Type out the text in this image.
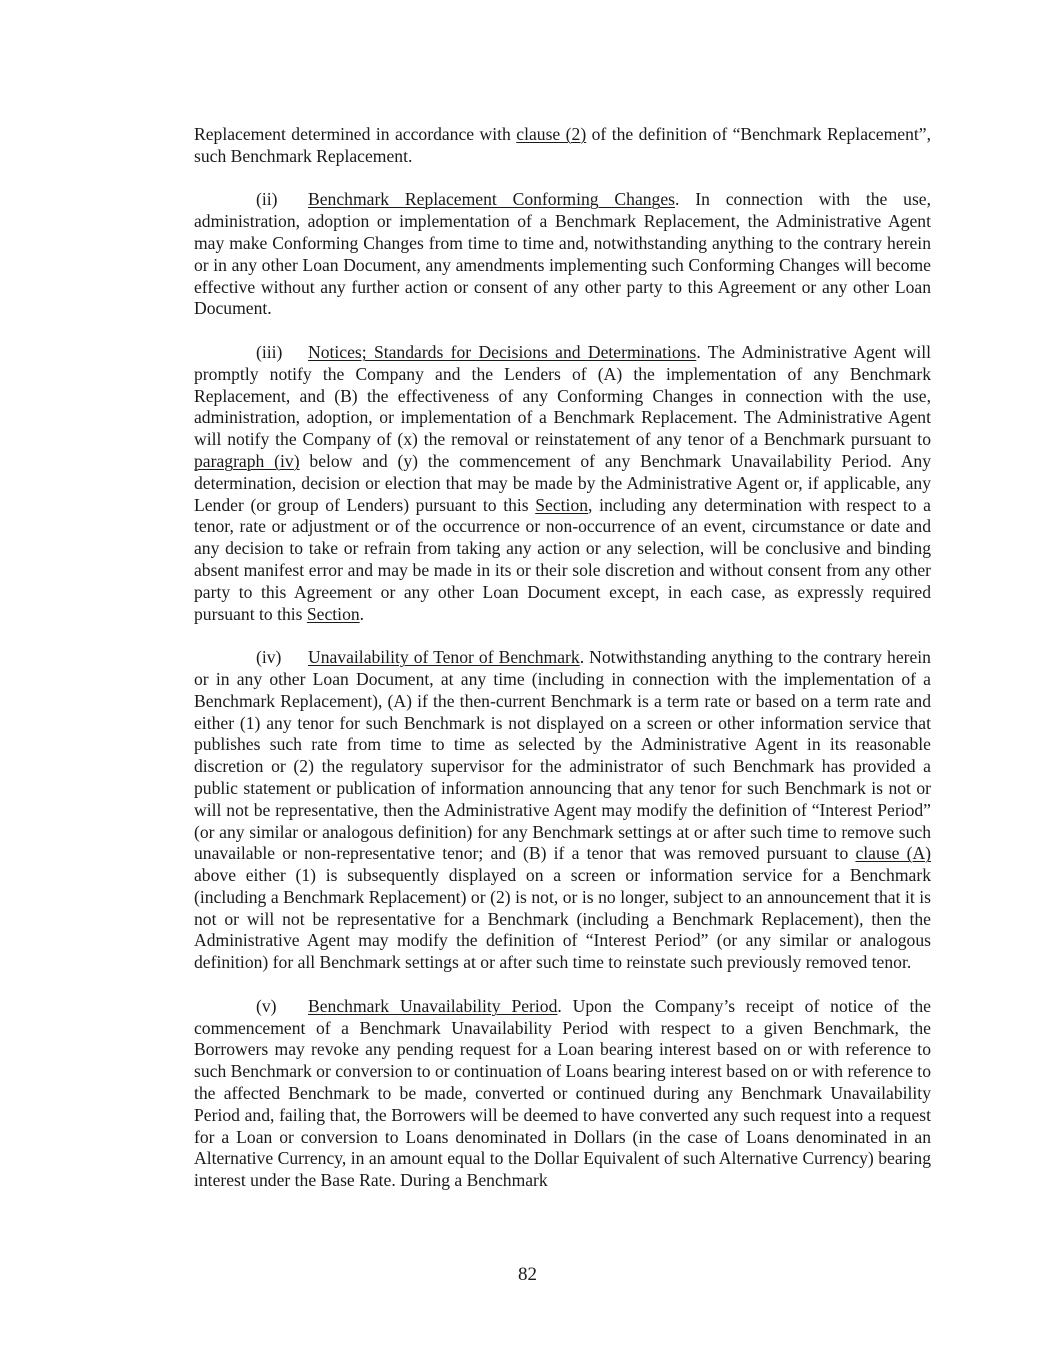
Replacement determined in accordance with clause (2) of the definition of “Benchmark Replacement”, such Benchmark Replacement.

(ii) Benchmark Replacement Conforming Changes. In connection with the use, administration, adoption or implementation of a Benchmark Replacement, the Administrative Agent may make Conforming Changes from time to time and, notwithstanding anything to the contrary herein or in any other Loan Document, any amendments implementing such Conforming Changes will become effective without any further action or consent of any other party to this Agreement or any other Loan Document.

(iii) Notices; Standards for Decisions and Determinations. The Administrative Agent will promptly notify the Company and the Lenders of (A) the implementation of any Benchmark Replacement, and (B) the effectiveness of any Conforming Changes in connection with the use, administration, adoption, or implementation of a Benchmark Replacement. The Administrative Agent will notify the Company of (x) the removal or reinstatement of any tenor of a Benchmark pursuant to paragraph (iv) below and (y) the commencement of any Benchmark Unavailability Period. Any determination, decision or election that may be made by the Administrative Agent or, if applicable, any Lender (or group of Lenders) pursuant to this Section, including any determination with respect to a tenor, rate or adjustment or of the occurrence or non-occurrence of an event, circumstance or date and any decision to take or refrain from taking any action or any selection, will be conclusive and binding absent manifest error and may be made in its or their sole discretion and without consent from any other party to this Agreement or any other Loan Document except, in each case, as expressly required pursuant to this Section.

(iv) Unavailability of Tenor of Benchmark. Notwithstanding anything to the contrary herein or in any other Loan Document, at any time (including in connection with the implementation of a Benchmark Replacement), (A) if the then-current Benchmark is a term rate or based on a term rate and either (1) any tenor for such Benchmark is not displayed on a screen or other information service that publishes such rate from time to time as selected by the Administrative Agent in its reasonable discretion or (2) the regulatory supervisor for the administrator of such Benchmark has provided a public statement or publication of information announcing that any tenor for such Benchmark is not or will not be representative, then the Administrative Agent may modify the definition of “Interest Period” (or any similar or analogous definition) for any Benchmark settings at or after such time to remove such unavailable or non-representative tenor; and (B) if a tenor that was removed pursuant to clause (A) above either (1) is subsequently displayed on a screen or information service for a Benchmark (including a Benchmark Replacement) or (2) is not, or is no longer, subject to an announcement that it is not or will not be representative for a Benchmark (including a Benchmark Replacement), then the Administrative Agent may modify the definition of “Interest Period” (or any similar or analogous definition) for all Benchmark settings at or after such time to reinstate such previously removed tenor.

(v) Benchmark Unavailability Period. Upon the Company’s receipt of notice of the commencement of a Benchmark Unavailability Period with respect to a given Benchmark, the Borrowers may revoke any pending request for a Loan bearing interest based on or with reference to such Benchmark or conversion to or continuation of Loans bearing interest based on or with reference to the affected Benchmark to be made, converted or continued during any Benchmark Unavailability Period and, failing that, the Borrowers will be deemed to have converted any such request into a request for a Loan or conversion to Loans denominated in Dollars (in the case of Loans denominated in an Alternative Currency, in an amount equal to the Dollar Equivalent of such Alternative Currency) bearing interest under the Base Rate. During a Benchmark

82
